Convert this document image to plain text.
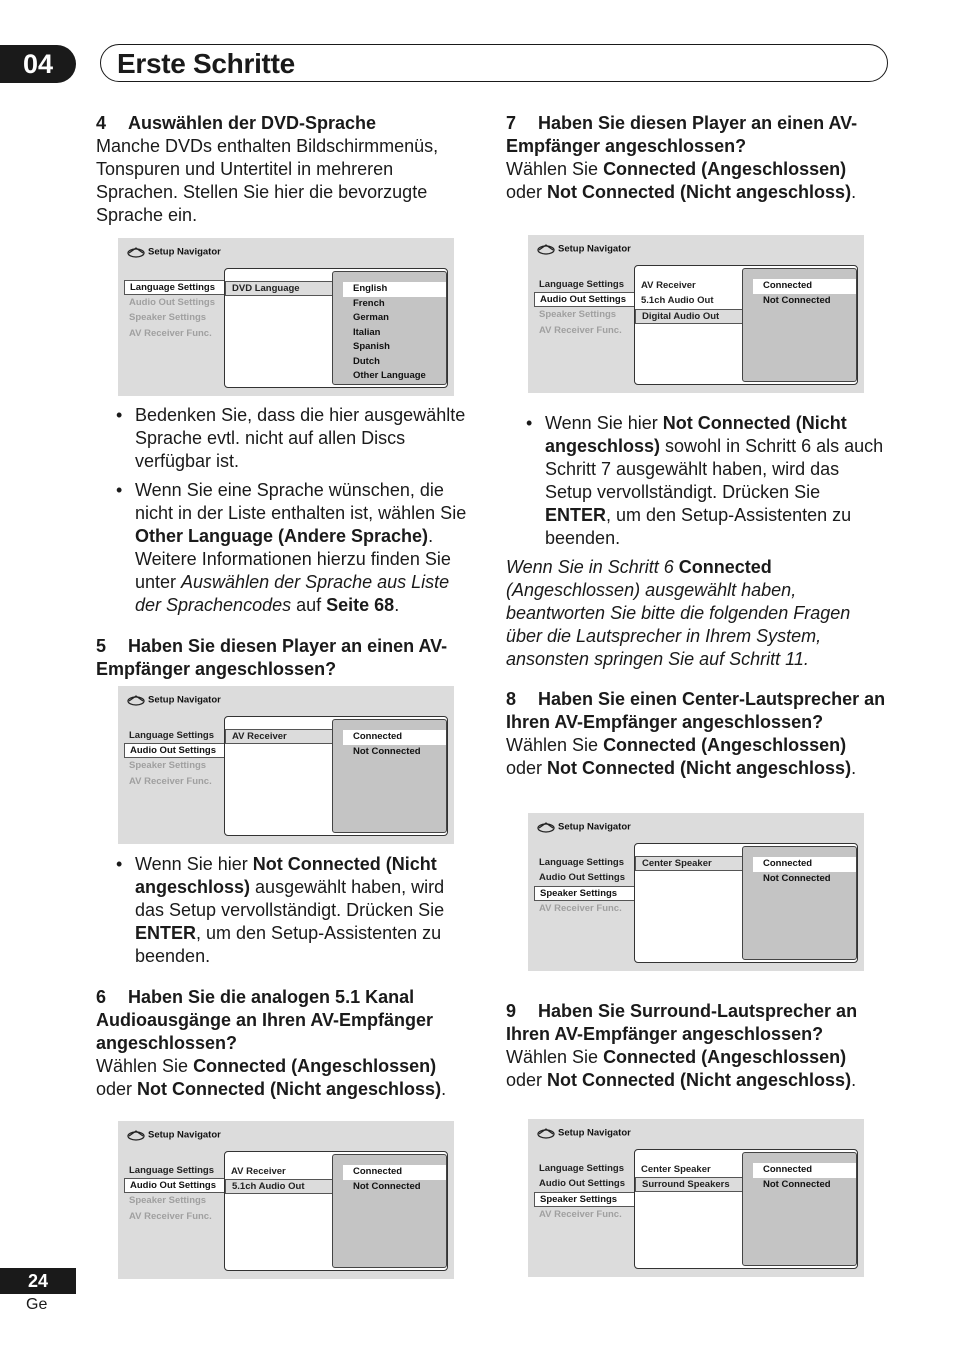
04	Erste Schritte

4 Auswählen der DVD-Sprache

Manche DVDs enthalten Bildschirmmenüs, Tonspuren und Untertitel in mehreren Sprachen. Stellen Sie hier die bevorzugte Sprache ein.

Setup Navigator
Language Settings
Audio Out Settings
Speaker Settings
AV Receiver Func.
DVD Language	English
French
German
Italian
Spanish
Dutch
Other Language
• Bedenken Sie, dass die hier ausgewählte Sprache evtl. nicht auf allen Discs verfügbar ist.
• Wenn Sie eine Sprache wünschen, die nicht in der Liste enthalten ist, wählen Sie Other Language (Andere Sprache). Weitere Informationen hierzu finden Sie unter Auswählen der Sprache aus Liste der Sprachencodes auf Seite 68.

5 Haben Sie diesen Player an einen AV-Empfänger angeschlossen?

Setup Navigator
Language Settings
Audio Out Settings
Speaker Settings
AV Receiver Func.
AV Receiver	Connected
Not Connected
• Wenn Sie hier Not Connected (Nicht angeschloss) ausgewählt haben, wird das Setup vervollständigt. Drücken Sie ENTER, um den Setup-Assistenten zu beenden.

6 Haben Sie die analogen 5.1 Kanal Audioausgänge an Ihren AV-Empfänger angeschlossen?

Wählen Sie Connected (Angeschlossen) oder Not Connected (Nicht angeschloss).

Setup Navigator
Language Settings
Audio Out Settings
Speaker Settings
AV Receiver Func.
AV Receiver
5.1ch Audio Out
Connected
Not Connected

7 Haben Sie diesen Player an einen AV-Empfänger angeschlossen?

Wählen Sie Connected (Angeschlossen) oder Not Connected (Nicht angeschloss).

Setup Navigator
Language Settings
Audio Out Settings
Speaker Settings
AV Receiver Func.
AV Receiver
5.1ch Audio Out
Digital Audio Out
Connected
Not Connected
• Wenn Sie hier Not Connected (Nicht angeschloss) sowohl in Schritt 6 als auch Schritt 7 ausgewählt haben, wird das Setup vervollständigt. Drücken Sie ENTER, um den Setup-Assistenten zu beenden.

Wenn Sie in Schritt 6 Connected (Angeschlossen) ausgewählt haben, beantworten Sie bitte die folgenden Fragen über die Lautsprecher in Ihrem System, ansonsten springen Sie auf Schritt 11.

8 Haben Sie einen Center-Lautsprecher an Ihren AV-Empfänger angeschlossen?

Wählen Sie Connected (Angeschlossen) oder Not Connected (Nicht angeschloss).

Setup Navigator
Language Settings
Audio Out Settings
Speaker Settings
AV Receiver Func.
Center Speaker	Connected
Not Connected

9 Haben Sie Surround-Lautsprecher an Ihren AV-Empfänger angeschlossen?

Wählen Sie Connected (Angeschlossen) oder Not Connected (Nicht angeschloss).

Setup Navigator
Language Settings
Audio Out Settings
Speaker Settings
AV Receiver Func.
Center Speaker
Surround Speakers
Connected
Not Connected
24
Ge
